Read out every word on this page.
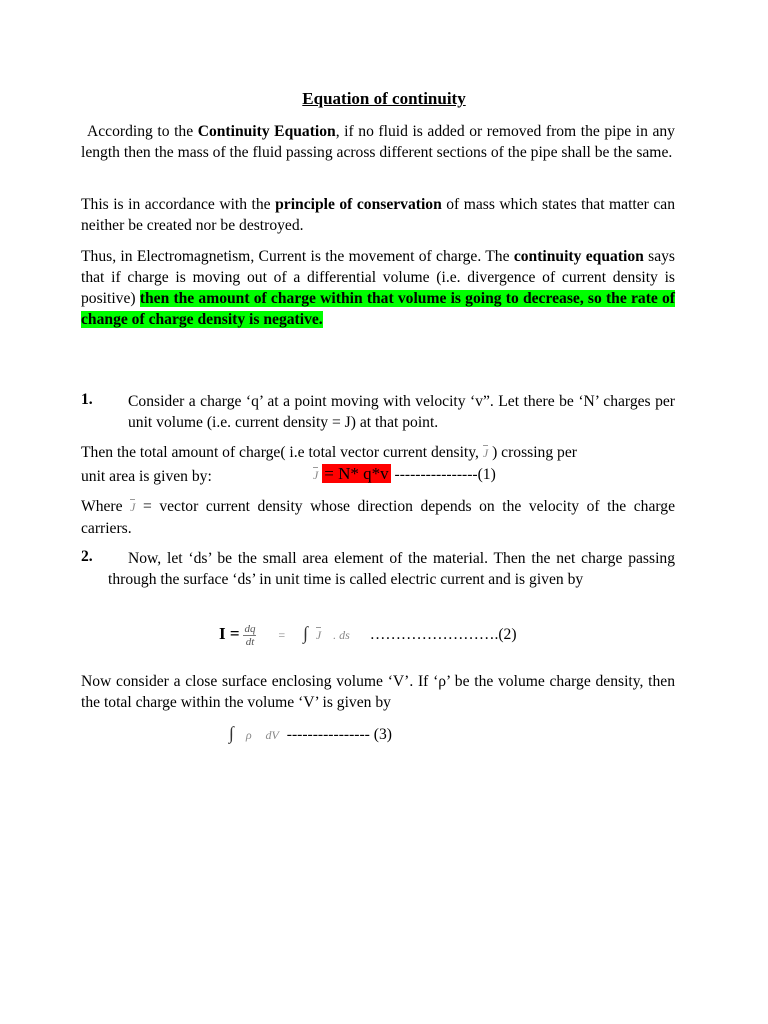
Equation of continuity
According to the Continuity Equation, if no fluid is added or removed from the pipe in any length then the mass of the fluid passing across different sections of the pipe shall be the same.
This is in accordance with the principle of conservation of mass which states that matter can neither be created nor be destroyed.
Thus, in Electromagnetism, Current is the movement of charge. The continuity equation says that if charge is moving out of a differential volume (i.e. divergence of current density is positive) then the amount of charge within that volume is going to decrease, so the rate of change of charge density is negative.
1. Consider a charge ‘q’ at a point moving with velocity ‘v”. Let there be ‘N’ charges per unit volume (i.e. current density = J) at that point.
Then the total amount of charge( i.e total vector current density, J ) crossing per
unit area is given by:	J = N* q*v ----------------(1)
Where J = vector current density whose direction depends on the velocity of the charge carriers.
2.	Now, let ‘ds’ be the small area element of the material. Then the net charge passing through the surface ‘ds’ in unit time is called electric current and is given by
$I = \frac{dq}{dt}$ = ∫ J . ds …………………….(2)
Now consider a close surface enclosing volume ‘V’. If ‘ρ’ be the volume charge density, then the total charge within the volume ‘V’ is given by
∫ ρ dV ---------------- (3)
